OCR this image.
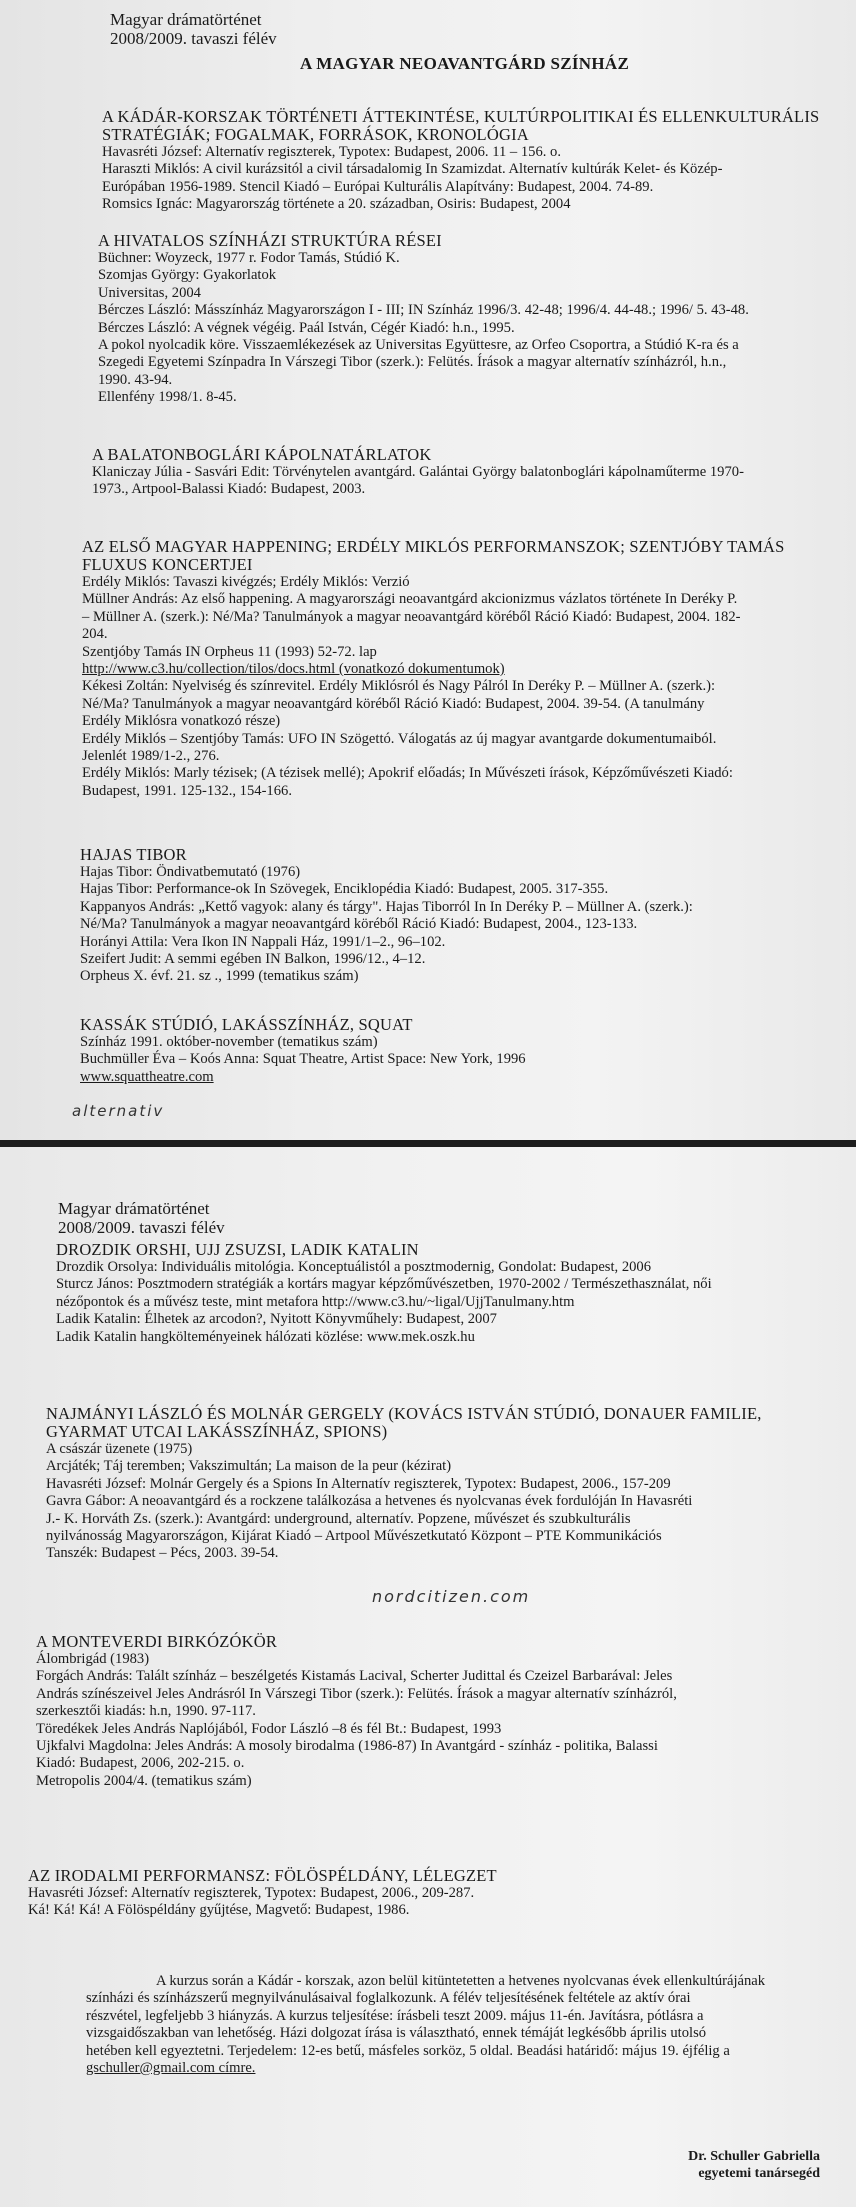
Magyar drámatörténet
2008/2009. tavaszi félév
A MAGYAR NEOAVANTGÁRD SZÍNHÁZ
A KÁDÁR-KORSZAK TÖRTÉNETI ÁTTEKINTÉSE, KULTÚRPOLITIKAI ÉS ELLENKULTURÁLIS
STRATÉGIÁK; FOGALMAK, FORRÁSOK, KRONOLÓGIA
Havasréti József: Alternatív regiszterek, Typotex: Budapest, 2006. 11 – 156. o.
Haraszti Miklós: A civil kurázsitól a civil társadalomig In Szamizdat. Alternatív kultúrák Kelet- és Közép-
Európában 1956-1989. Stencil Kiadó – Európai Kulturális Alapítvány: Budapest, 2004. 74-89.
Romsics Ignác: Magyarország története a 20. században, Osiris: Budapest, 2004
A HIVATALOS SZÍNHÁZI STRUKTÚRA RÉSEI
Büchner: Woyzeck, 1977 r. Fodor Tamás, Stúdió K.
Szomjas György: Gyakorlatok
Universitas, 2004
Bérczes László: Másszínház Magyarországon I - III; IN Színház 1996/3. 42-48; 1996/4. 44-48.; 1996/ 5. 43-48.
Bérczes László: A végnek végéig. Paál István, Cégér Kiadó: h.n., 1995.
A pokol nyolcadik köre. Visszaemlékezések az Universitas Együttesre, az Orfeo Csoportra, a Stúdió K-ra és a
Szegedi Egyetemi Színpadra In Várszegi Tibor (szerk.): Felütés. Írások a magyar alternatív színházról, h.n.,
1990. 43-94.
Ellenfény 1998/1. 8-45.
A BALATONBOGLÁRI KÁPOLNATÁRLATOK
Klaniczay Júlia - Sasvári Edit: Törvénytelen avantgárd. Galántai György balatonboglári kápolnaműterme 1970-
1973., Artpool-Balassi Kiadó: Budapest, 2003.
AZ ELSŐ MAGYAR HAPPENING; ERDÉLY MIKLÓS PERFORMANSZOK; SZENTJÓBY TAMÁS
FLUXUS KONCERTJEI
Erdély Miklós: Tavaszi kivégzés; Erdély Miklós: Verzió
Müllner András: Az első happening. A magyarországi neoavantgárd akcionizmus vázlatos története In Deréky P.
– Müllner A. (szerk.): Né/Ma? Tanulmányok a magyar neoavantgárd köréből Ráció Kiadó: Budapest, 2004. 182-
204.
Szentjóby Tamás IN Orpheus 11 (1993) 52-72. lap
http://www.c3.hu/collection/tilos/docs.html (vonatkozó dokumentumok)
Kékesi Zoltán: Nyelviség és színrevitel. Erdély Miklósról és Nagy Pálról In Deréky P. – Müllner A. (szerk.):
Né/Ma? Tanulmányok a magyar neoavantgárd köréből Ráció Kiadó: Budapest, 2004. 39-54. (A tanulmány
Erdély Miklósra vonatkozó része)
Erdély Miklós – Szentjóby Tamás: UFO IN Szögettó. Válogatás az új magyar avantgarde dokumentumaiból.
Jelenlét 1989/1-2., 276.
Erdély Miklós: Marly tézisek; (A tézisek mellé); Apokrif előadás; In Művészeti írások, Képzőművészeti Kiadó:
Budapest, 1991. 125-132., 154-166.
HAJAS TIBOR
Hajas Tibor: Öndivatbemutató (1976)
Hajas Tibor: Performance-ok In Szövegek, Enciklopédia Kiadó: Budapest, 2005. 317-355.
Kappanyos András: „Kettő vagyok: alany és tárgy". Hajas Tiborról In In Deréky P. – Müllner A. (szerk.):
Né/Ma? Tanulmányok a magyar neoavantgárd köréből Ráció Kiadó: Budapest, 2004., 123-133.
Horányi Attila: Vera Ikon IN Nappali Ház, 1991/1–2., 96–102.
Szeifert Judit: A semmi egében IN Balkon, 1996/12., 4–12.
Orpheus X. évf. 21. sz ., 1999 (tematikus szám)
KASSÁK STÚDIÓ, LAKÁSSZÍNHÁZ, SQUAT
Színház 1991. október-november (tematikus szám)
Buchmüller Éva – Koós Anna: Squat Theatre, Artist Space: New York, 1996
www.squattheatre.com
alternativ
Magyar drámatörténet
2008/2009. tavaszi félév
DROZDIK ORSHI, UJJ ZSUZSI, LADIK KATALIN
Drozdik Orsolya: Individuális mitológia. Konceptuálistól a posztmodernig, Gondolat: Budapest, 2006
Sturcz János: Posztmodern stratégiák a kortárs magyar képzőművészetben, 1970-2002 / Természethasználat, női
nézőpontok és a művész teste, mint metafora http://www.c3.hu/~ligal/UjjTanulmany.htm
Ladik Katalin: Élhetek az arcodon?, Nyitott Könyvműhely: Budapest, 2007
Ladik Katalin hangkölteményeinek hálózati közlése: www.mek.oszk.hu
NAJMÁNYI LÁSZLÓ ÉS MOLNÁR GERGELY (KOVÁCS ISTVÁN STÚDIÓ, DONAUER FAMILIE,
GYARMAT UTCAI LAKÁSSZÍNHÁZ, SPIONS)
A császár üzenete (1975)
Arcjáték; Táj teremben; Vakszimultán; La maison de la peur (kézirat)
Havasréti József: Molnár Gergely és a Spions In Alternatív regiszterek, Typotex: Budapest, 2006., 157-209
Gavra Gábor: A neoavantgárd és a rockzene találkozása a hetvenes és nyolcvanas évek fordulóján In Havasréti
J.- K. Horváth Zs. (szerk.): Avantgárd: underground, alternatív. Popzene, művészet és szubkulturális
nyilvánosság Magyarországon, Kijárat Kiadó – Artpool Művészetkutató Központ – PTE Kommunikációs
Tanszék: Budapest – Pécs, 2003. 39-54.
nordcitizen.com
A MONTEVERDI BIRKÓZÓKÖR
Álombrigád (1983)
Forgách András: Talált színház – beszélgetés Kistamás Lacival, Scherter Judittal és Czeizel Barbarával: Jeles
András színészeivel Jeles Andrásról In Várszegi Tibor (szerk.): Felütés. Írások a magyar alternatív színházról,
szerkesztői kiadás: h.n, 1990. 97-117.
Töredékek Jeles András Naplójából, Fodor László –8 és fél Bt.: Budapest, 1993
Ujkfalvi Magdolna: Jeles András: A mosoly birodalma (1986-87) In Avantgárd - színház - politika, Balassi
Kiadó: Budapest, 2006, 202-215. o.
Metropolis 2004/4. (tematikus szám)
AZ IRODALMI PERFORMANSZ: FÖLÖSPÉLDÁNY, LÉLEGZET
Havasréti József: Alternatív regiszterek, Typotex: Budapest, 2006., 209-287.
Ká! Ká! Ká! A Fölöspéldány gyűjtése, Magvető: Budapest, 1986.
A kurzus során a Kádár - korszak, azon belül kitüntetetten a hetvenes nyolcvanas évek ellenkultúrájának
színházi és színházszerű megnyilvánulásaival foglalkozunk. A félév teljesítésének feltétele az aktív órai
részvétel, legfeljebb 3 hiányzás. A kurzus teljesítése: írásbeli teszt 2009. május 11-én. Javításra, pótlásra a
vizsgaidőszakban van lehetőség. Házi dolgozat írása is választható, ennek témáját legkésőbb április utolsó
hetében kell egyeztetni. Terjedelem: 12-es betű, másfeles sorköz, 5 oldal. Beadási határidő: május 19. éjfélig a
gschuller@gmail.com címre.
Dr. Schuller Gabriella
egyetemi tanársegéd
